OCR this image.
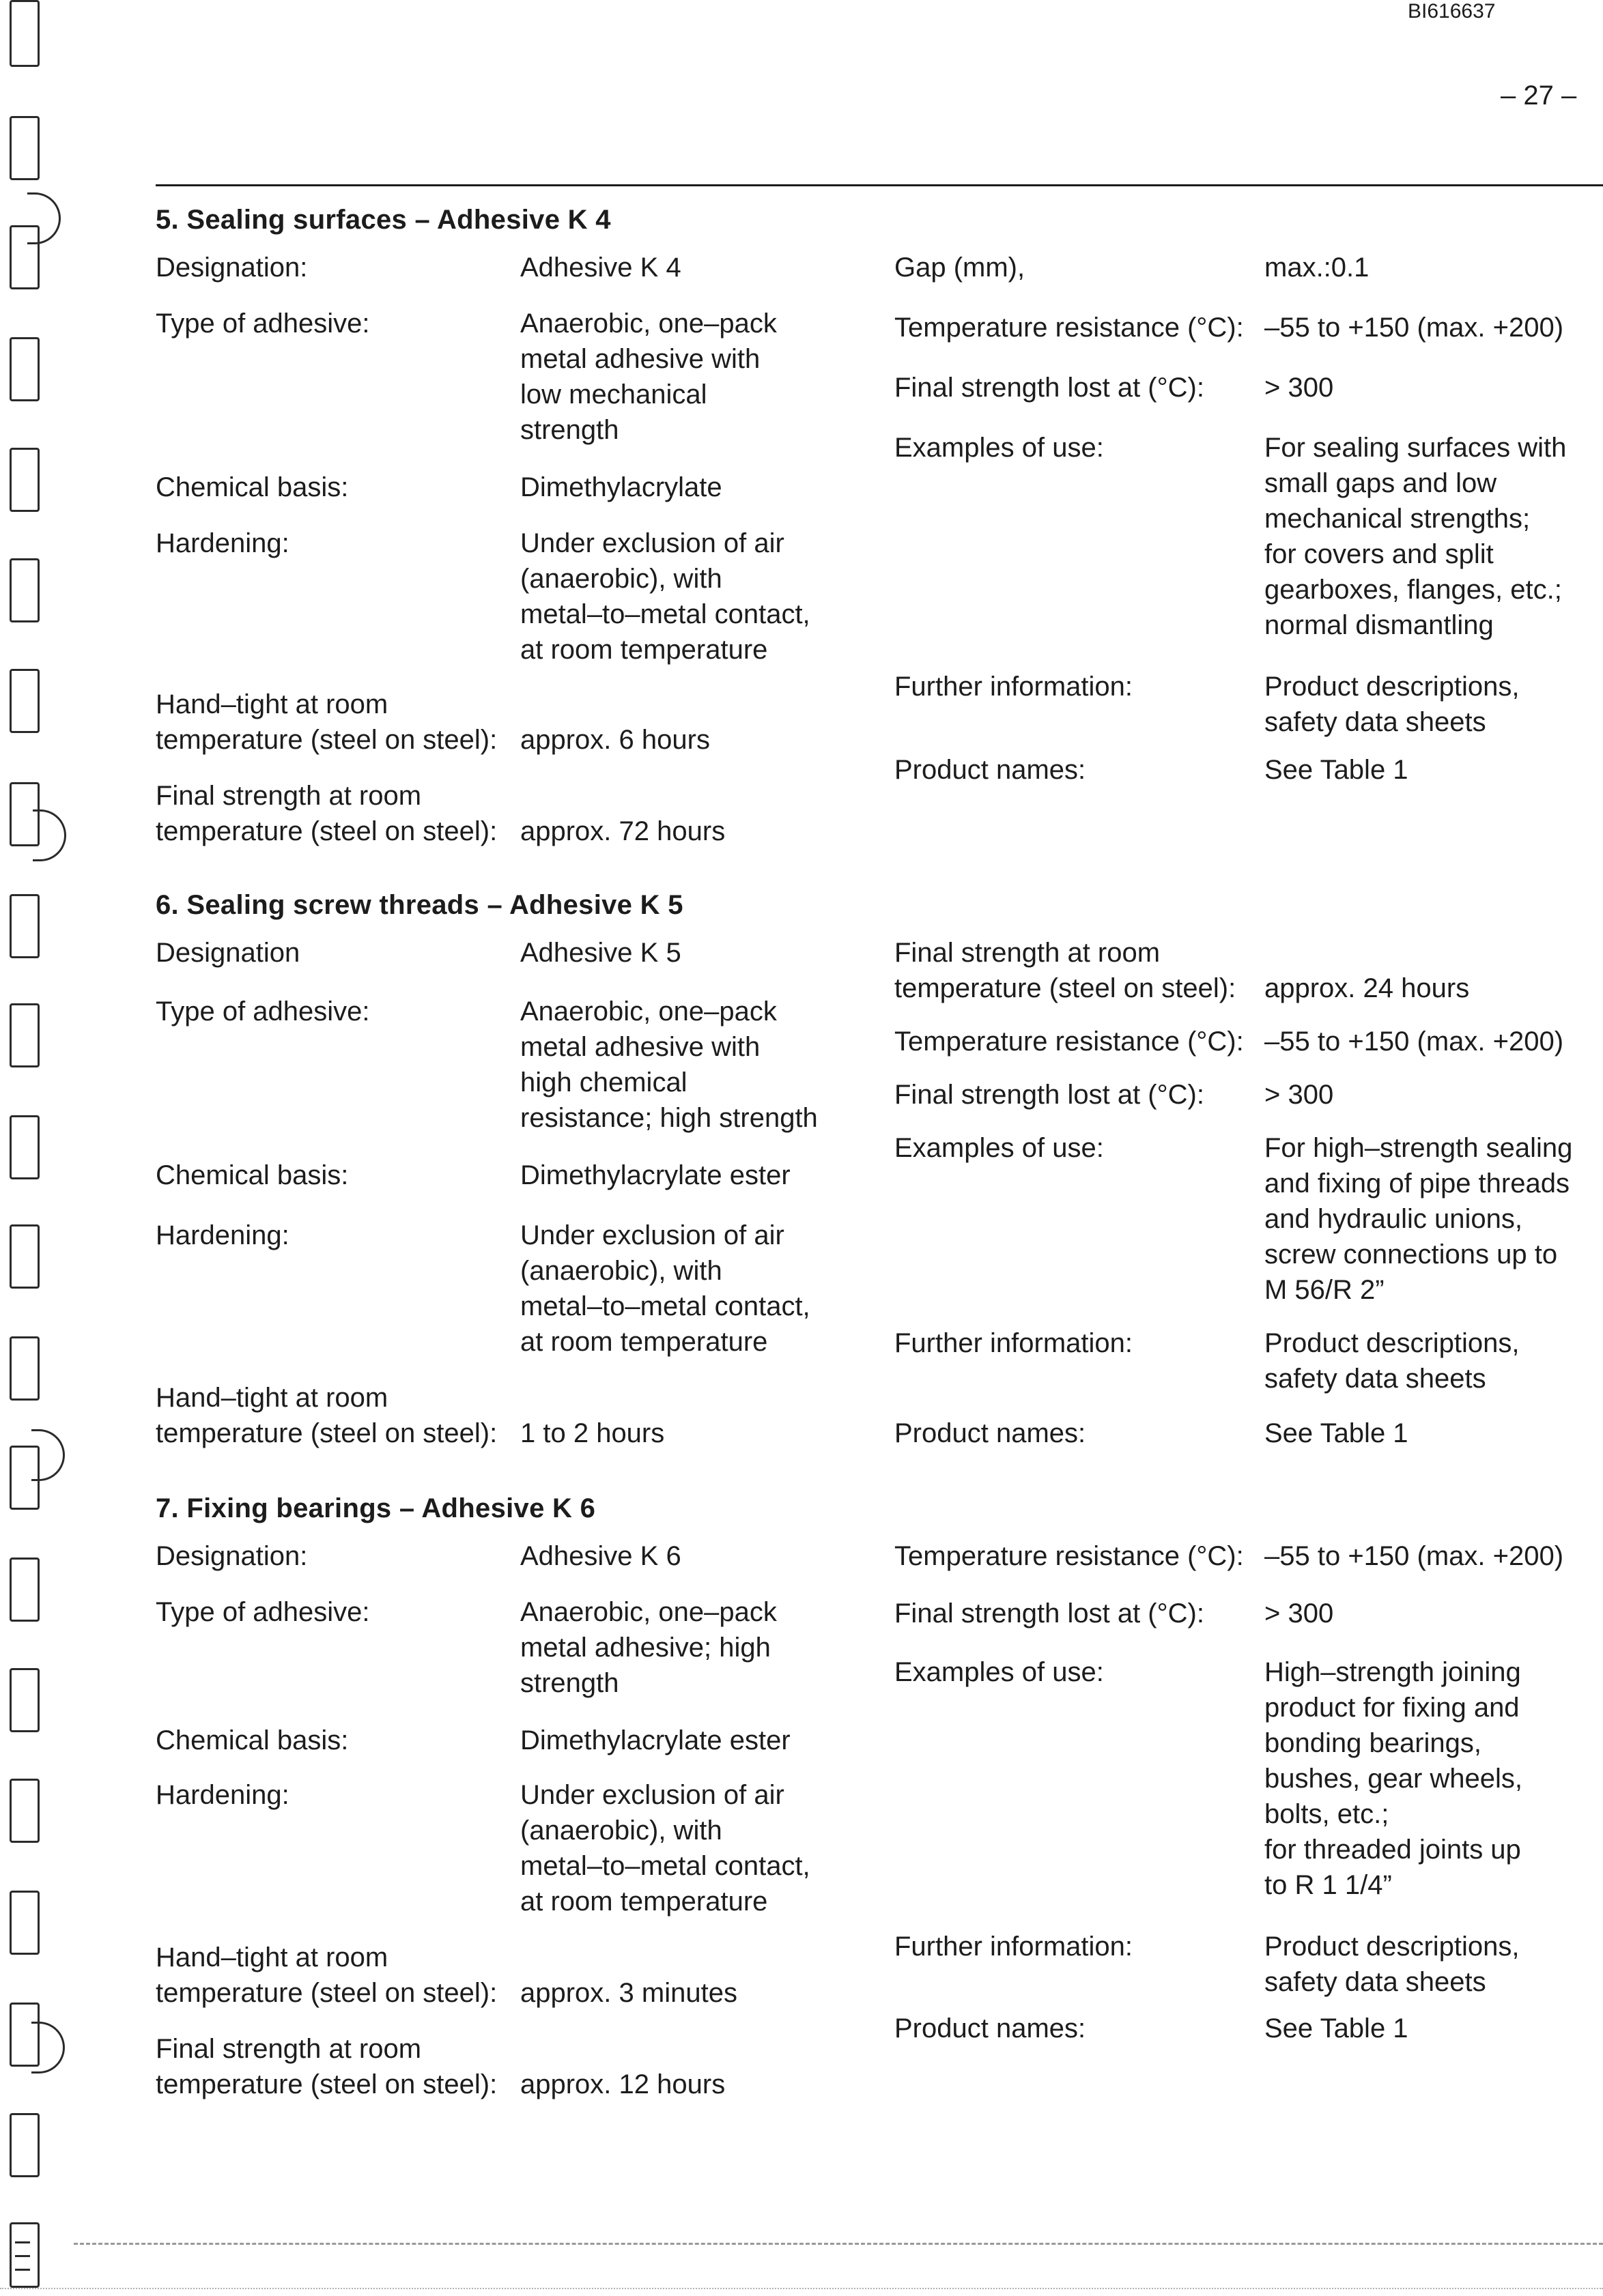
BI616637
– 27 –
5. Sealing surfaces – Adhesive K 4
Designation:	Adhesive K 4
Type of adhesive:	Anaerobic, one–pack
metal adhesive with
low mechanical
strength
Chemical basis:	Dimethylacrylate
Hardening:	Under exclusion of air
(anaerobic), with
metal–to–metal contact,
at room temperature
Hand–tight at room
temperature (steel on steel): approx. 6 hours
Final strength at room
temperature (steel on steel): approx. 72 hours
Gap (mm),	max.:0.1
Temperature resistance (°C): –55 to +150 (max. +200)
Final strength lost at (°C): > 300
Examples of use:	For sealing surfaces with
small gaps and low
mechanical strengths;
for covers and split
gearboxes, flanges, etc.;
normal dismantling
Further information:	Product descriptions,
safety data sheets
Product names:	See Table 1
6. Sealing screw threads – Adhesive K 5
Designation	Adhesive K 5
Type of adhesive:	Anaerobic, one–pack
metal adhesive with
high chemical
resistance; high strength
Chemical basis:	Dimethylacrylate ester
Hardening:	Under exclusion of air
(anaerobic), with
metal–to–metal contact,
at room temperature
Hand–tight at room
temperature (steel on steel): 1 to 2 hours
Final strength at room
temperature (steel on steel): approx. 24 hours
Temperature resistance (°C): –55 to +150 (max. +200)
Final strength lost at (°C): > 300
Examples of use:	For high–strength sealing
and fixing of pipe threads
and hydraulic unions,
screw connections up to
M 56/R 2”
Further information:	Product descriptions,
safety data sheets
Product names:	See Table 1
7. Fixing bearings – Adhesive K 6
Designation:	Adhesive K 6
Type of adhesive:	Anaerobic, one–pack
metal adhesive; high
strength
Chemical basis:	Dimethylacrylate ester
Hardening:	Under exclusion of air
(anaerobic), with
metal–to–metal contact,
at room temperature
Hand–tight at room
temperature (steel on steel): approx. 3 minutes
Final strength at room
temperature (steel on steel): approx. 12 hours
Temperature resistance (°C): –55 to +150 (max. +200)
Final strength lost at (°C): > 300
Examples of use:	High–strength joining
product for fixing and
bonding bearings,
bushes, gear wheels,
bolts, etc.;
for threaded joints up
to R 1 1/4”
Further information:	Product descriptions,
safety data sheets
Product names:	See Table 1
